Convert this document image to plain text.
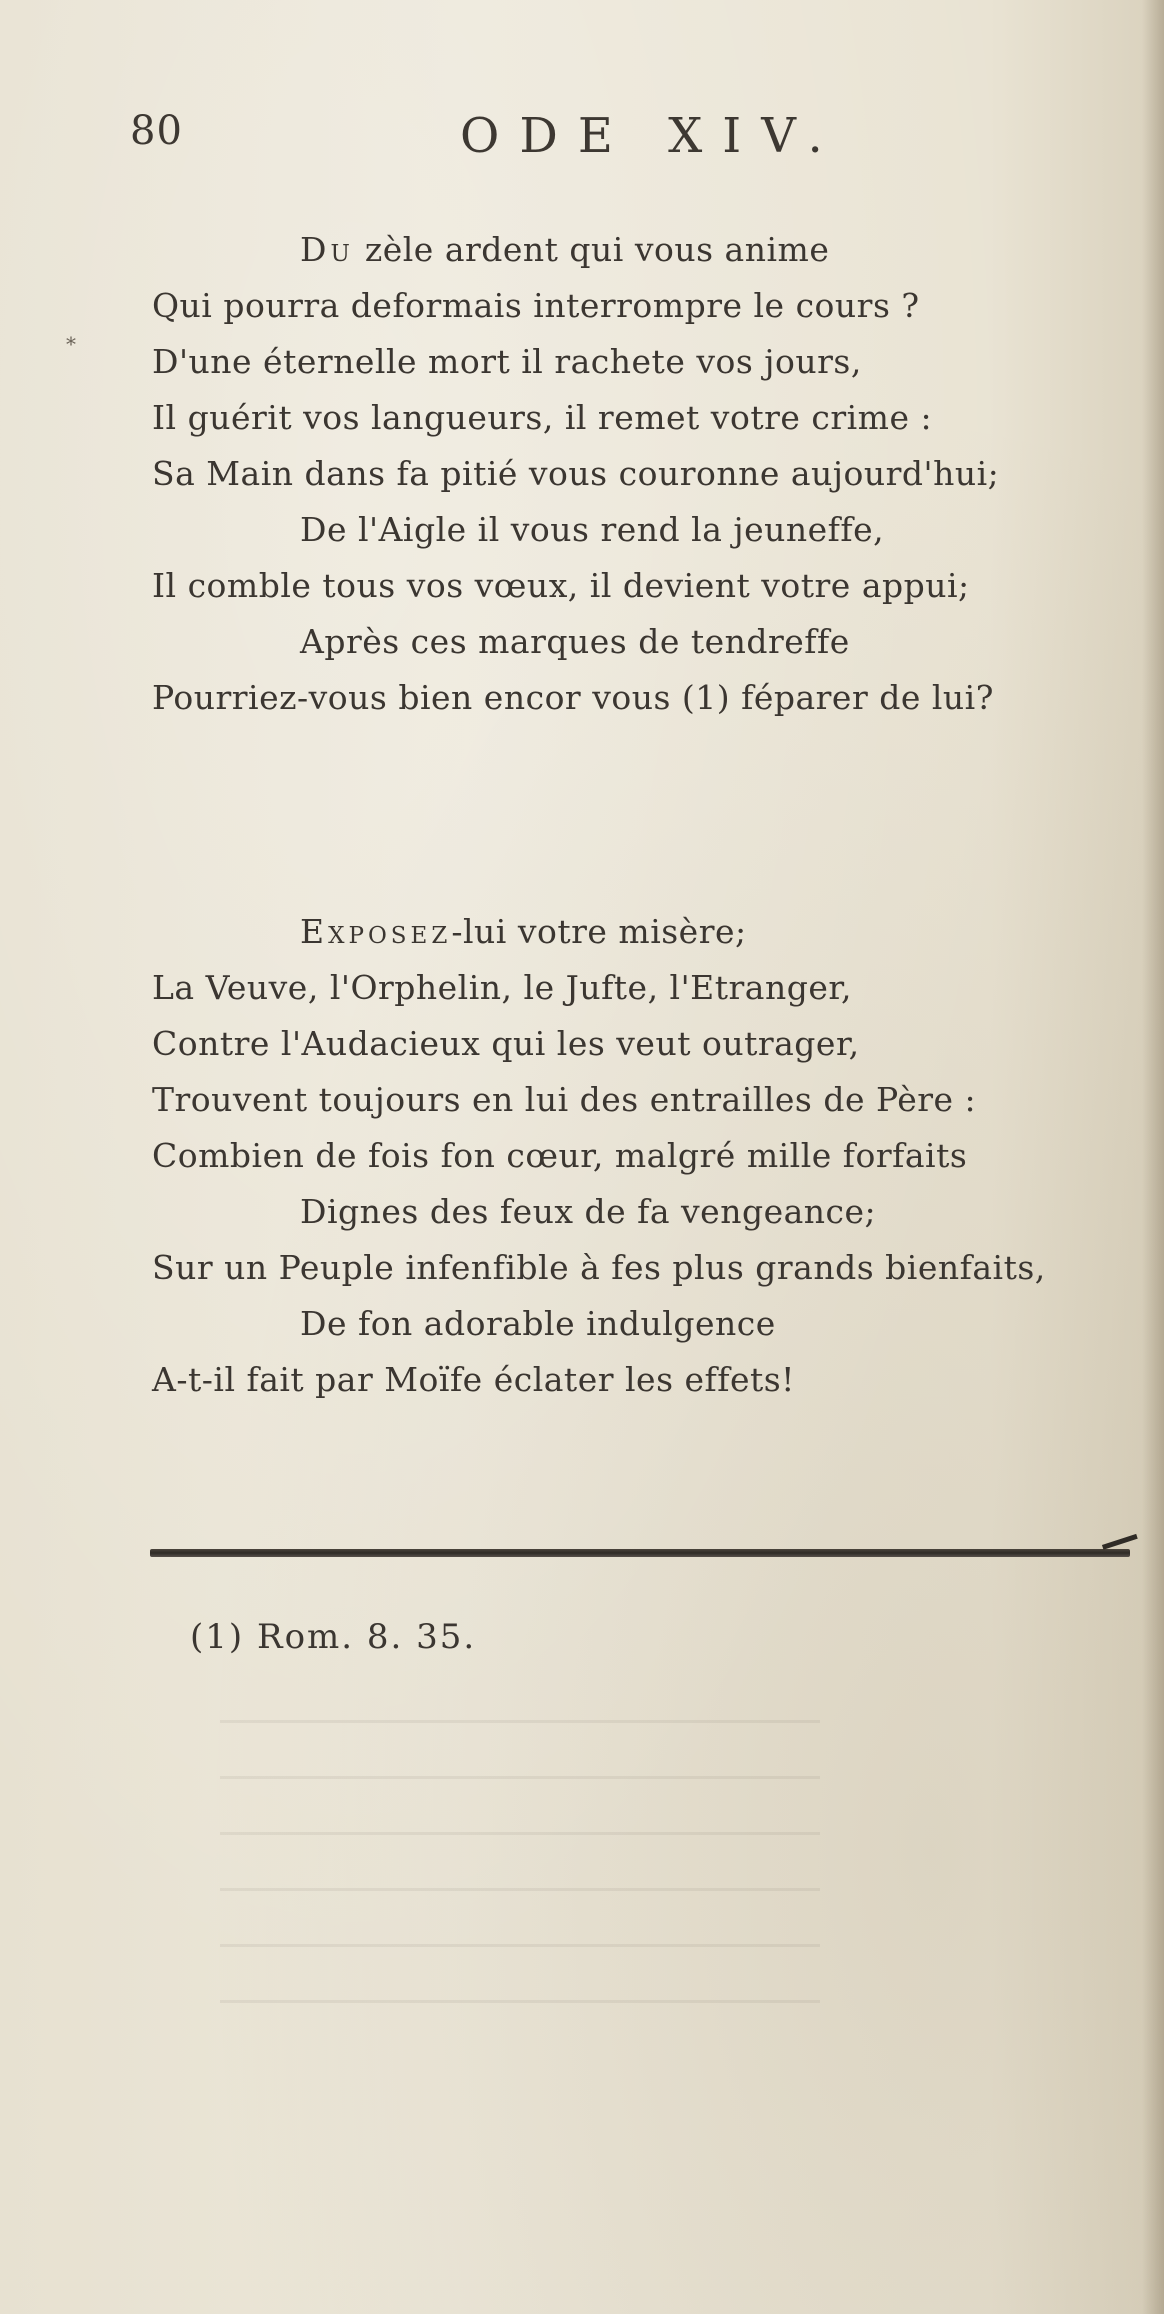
⁎
80	ODE XIV.
Du zèle ardent qui vous anime
Qui pourra deformais interrompre le cours ?
D'une éternelle mort il rachete vos jours,
Il guérit vos langueurs, il remet votre crime :
Sa Main dans fa pitié vous couronne aujourd'hui;
De l'Aigle il vous rend la jeuneffe,
Il comble tous vos vœux, il devient votre appui;
Après ces marques de tendreffe
Pourriez-vous bien encor vous (1) féparer de lui?
Exposez-lui votre misère;
La Veuve, l'Orphelin, le Jufte, l'Etranger,
Contre l'Audacieux qui les veut outrager,
Trouvent toujours en lui des entrailles de Père :
Combien de fois fon cœur, malgré mille forfaits
Dignes des feux de fa vengeance;
Sur un Peuple infenfible à fes plus grands bienfaits,
De fon adorable indulgence
A-t-il fait par Moïfe éclater les effets!
(1) Rom. 8. 35.
